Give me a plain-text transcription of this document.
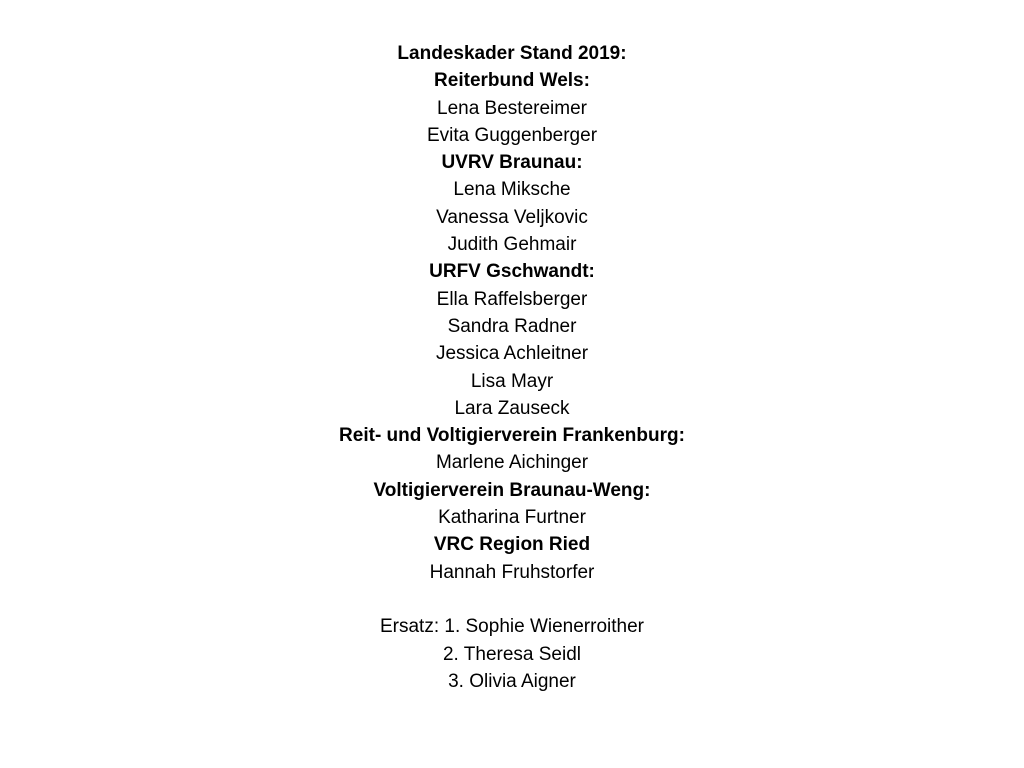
Landeskader Stand 2019:
Reiterbund Wels:
Lena Bestereimer
Evita Guggenberger
UVRV Braunau:
Lena Miksche
Vanessa Veljkovic
Judith Gehmair
URFV Gschwandt:
Ella Raffelsberger
Sandra Radner
Jessica Achleitner
Lisa Mayr
Lara Zauseck
Reit- und Voltigierverein Frankenburg:
Marlene Aichinger
Voltigierverein Braunau-Weng:
Katharina Furtner
VRC Region Ried
Hannah Fruhstorfer
Ersatz: 1. Sophie Wienerroither
2. Theresa Seidl
3. Olivia Aigner
